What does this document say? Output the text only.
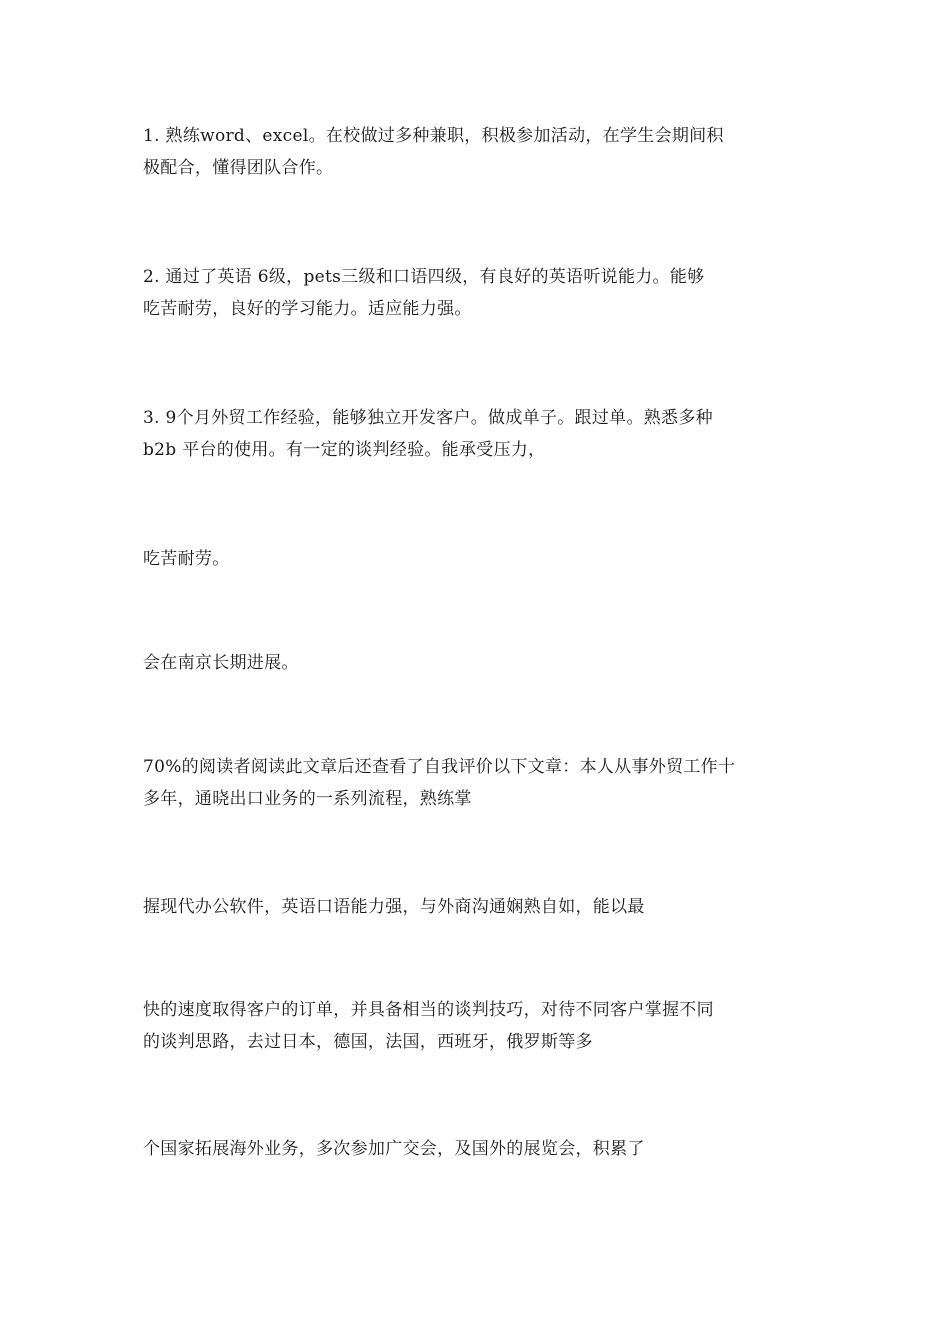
1. 熟练word、excel。在校做过多种兼职，积极参加活动，在学生会期间积
极配合，懂得团队合作。

2. 通过了英语 6级，pets三级和口语四级，有良好的英语听说能力。能够
吃苦耐劳，良好的学习能力。适应能力强。

3. 9个月外贸工作经验，能够独立开发客户。做成单子。跟过单。熟悉多种
b2b 平台的使用。有一定的谈判经验。能承受压力，

吃苦耐劳。

会在南京长期进展。

70%的阅读者阅读此文章后还查看了自我评价以下文章：本人从事外贸工作十
多年，通晓出口业务的一系列流程，熟练掌

握现代办公软件，英语口语能力强，与外商沟通娴熟自如，能以最

快的速度取得客户的订单，并具备相当的谈判技巧，对待不同客户掌握不同
的谈判思路，去过日本，德国，法国，西班牙，俄罗斯等多

个国家拓展海外业务，多次参加广交会，及国外的展览会，积累了
